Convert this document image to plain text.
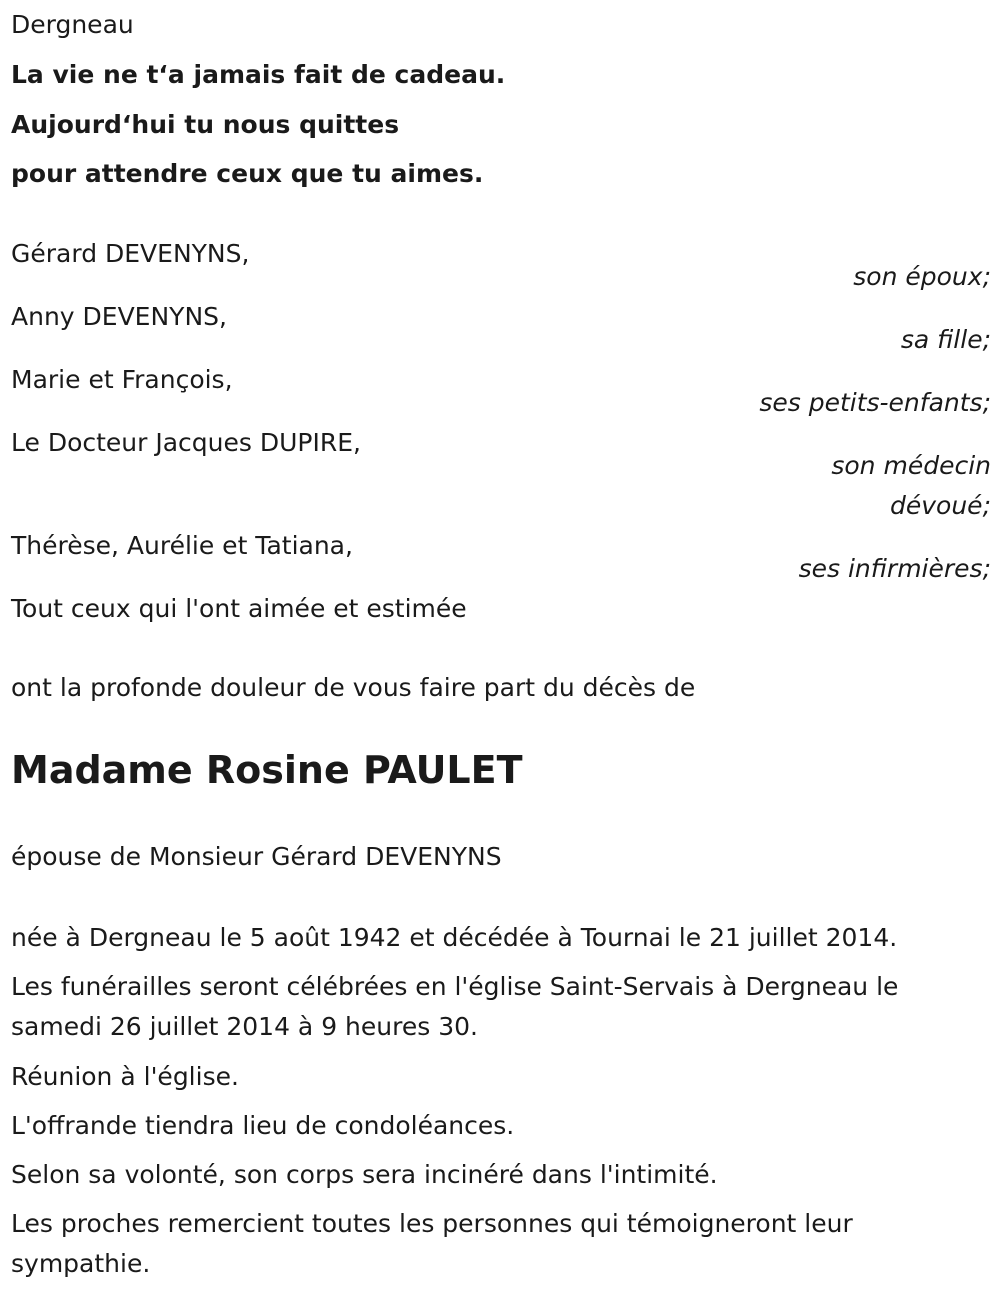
Dergneau
La vie ne t‘a jamais fait de cadeau.
Aujourd‘hui tu nous quittes
pour attendre ceux que tu aimes.
Gérard DEVENYNS,
son époux;
Anny DEVENYNS,
sa fille;
Marie et François,
ses petits-enfants;
Le Docteur Jacques DUPIRE,
son médecin
dévoué;
Thérèse, Aurélie et Tatiana,
ses infirmières;
Tout ceux qui l'ont aimée et estimée
ont la profonde douleur de vous faire part du décès de
Madame Rosine PAULET
épouse de Monsieur Gérard DEVENYNS
née à Dergneau le 5 août 1942 et décédée à Tournai le 21 juillet 2014.
Les funérailles seront célébrées en l'église Saint-Servais à Dergneau le samedi 26 juillet 2014 à 9 heures 30.
Réunion à l'église.
L'offrande tiendra lieu de condoléances.
Selon sa volonté, son corps sera incinéré dans l'intimité.
Les proches remercient toutes les personnes qui témoigneront leur sympathie.
